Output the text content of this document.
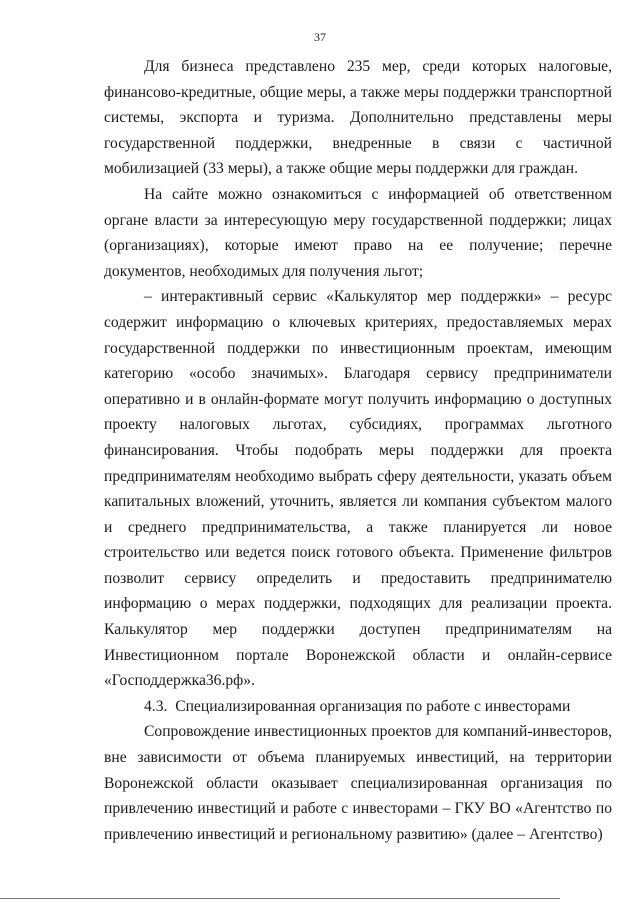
37

Для бизнеса представлено 235 мер, среди которых налоговые, финансово-кредитные, общие меры, а также меры поддержки транспортной системы, экспорта и туризма. Дополнительно представлены меры государственной поддержки, внедренные в связи с частичной мобилизацией (33 меры), а также общие меры поддержки для граждан.

На сайте можно ознакомиться с информацией об ответственном органе власти за интересующую меру государственной поддержки; лицах (организациях), которые имеют право на ее получение; перечне документов, необходимых для получения льгот;

– интерактивный сервис «Калькулятор мер поддержки» – ресурс содержит информацию о ключевых критериях, предоставляемых мерах государственной поддержки по инвестиционным проектам, имеющим категорию «особо значимых». Благодаря сервису предприниматели оперативно и в онлайн-формате могут получить информацию о доступных проекту налоговых льготах, субсидиях, программах льготного финансирования. Чтобы подобрать меры поддержки для проекта предпринимателям необходимо выбрать сферу деятельности, указать объем капитальных вложений, уточнить, является ли компания субъектом малого и среднего предпринимательства, а также планируется ли новое строительство или ведется поиск готового объекта. Применение фильтров позволит сервису определить и предоставить предпринимателю информацию о мерах поддержки, подходящих для реализации проекта. Калькулятор мер поддержки доступен предпринимателям на Инвестиционном портале Воронежской области и онлайн-сервисе «Господдержка36.рф».

4.3. Специализированная организация по работе с инвесторами

Сопровождение инвестиционных проектов для компаний-инвесторов, вне зависимости от объема планируемых инвестиций, на территории Воронежской области оказывает специализированная организация по привлечению инвестиций и работе с инвесторами – ГКУ ВО «Агентство по привлечению инвестиций и региональному развитию» (далее – Агентство)
